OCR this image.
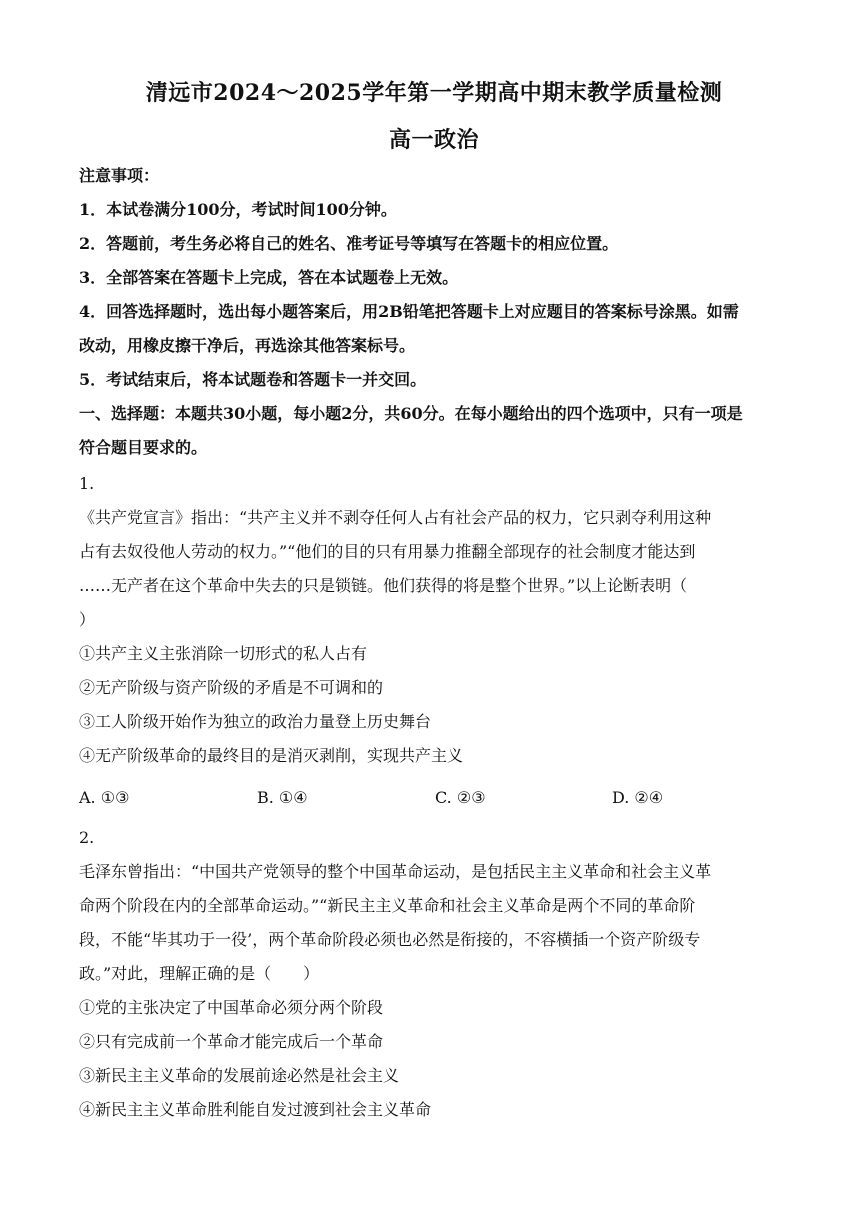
清远市2024～2025学年第一学期高中期末教学质量检测
高一政治
注意事项：
1．本试卷满分100分，考试时间100分钟。
2．答题前，考生务必将自己的姓名、准考证号等填写在答题卡的相应位置。
3．全部答案在答题卡上完成，答在本试题卷上无效。
4．回答选择题时，选出每小题答案后，用2B铅笔把答题卡上对应题目的答案标号涂黑。如需
改动，用橡皮擦干净后，再选涂其他答案标号。
5．考试结束后，将本试题卷和答题卡一并交回。
一、选择题：本题共30小题，每小题2分，共60分。在每小题给出的四个选项中，只有一项是
符合题目要求的。
1.
《共产党宣言》指出：“共产主义并不剥夺任何人占有社会产品的权力，它只剥夺利用这种
占有去奴役他人劳动的权力。”“他们的目的只有用暴力推翻全部现存的社会制度才能达到
……无产者在这个革命中失去的只是锁链。他们获得的将是整个世界。”以上论断表明（
）
①共产主义主张消除一切形式的私人占有
②无产阶级与资产阶级的矛盾是不可调和的
③工人阶级开始作为独立的政治力量登上历史舞台
④无产阶级革命的最终目的是消灭剥削，实现共产主义
A. ①③	B. ①④	C. ②③	D. ②④
2.
毛泽东曾指出：“中国共产党领导的整个中国革命运动，是包括民主主义革命和社会主义革
命两个阶段在内的全部革命运动。”“新民主主义革命和社会主义革命是两个不同的革命阶
段，不能“毕其功于一役’，两个革命阶段必须也必然是衔接的，不容横插一个资产阶级专
政。”对此，理解正确的是（　　）
①党的主张决定了中国革命必须分两个阶段
②只有完成前一个革命才能完成后一个革命
③新民主主义革命的发展前途必然是社会主义
④新民主主义革命胜利能自发过渡到社会主义革命
